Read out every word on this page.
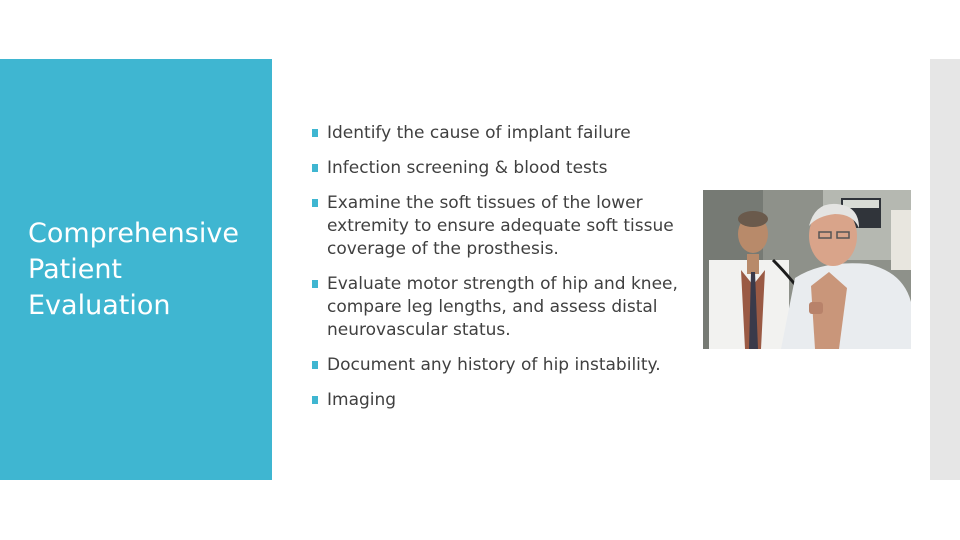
Comprehensive
Patient
Evaluation
Identify the cause of implant failure
Infection screening & blood tests
Examine the soft tissues of the lower extremity to ensure adequate soft tissue coverage of the prosthesis.
Evaluate motor strength of hip and knee, compare leg lengths, and assess distal neurovascular status.
Document any history of hip instability.
Imaging
